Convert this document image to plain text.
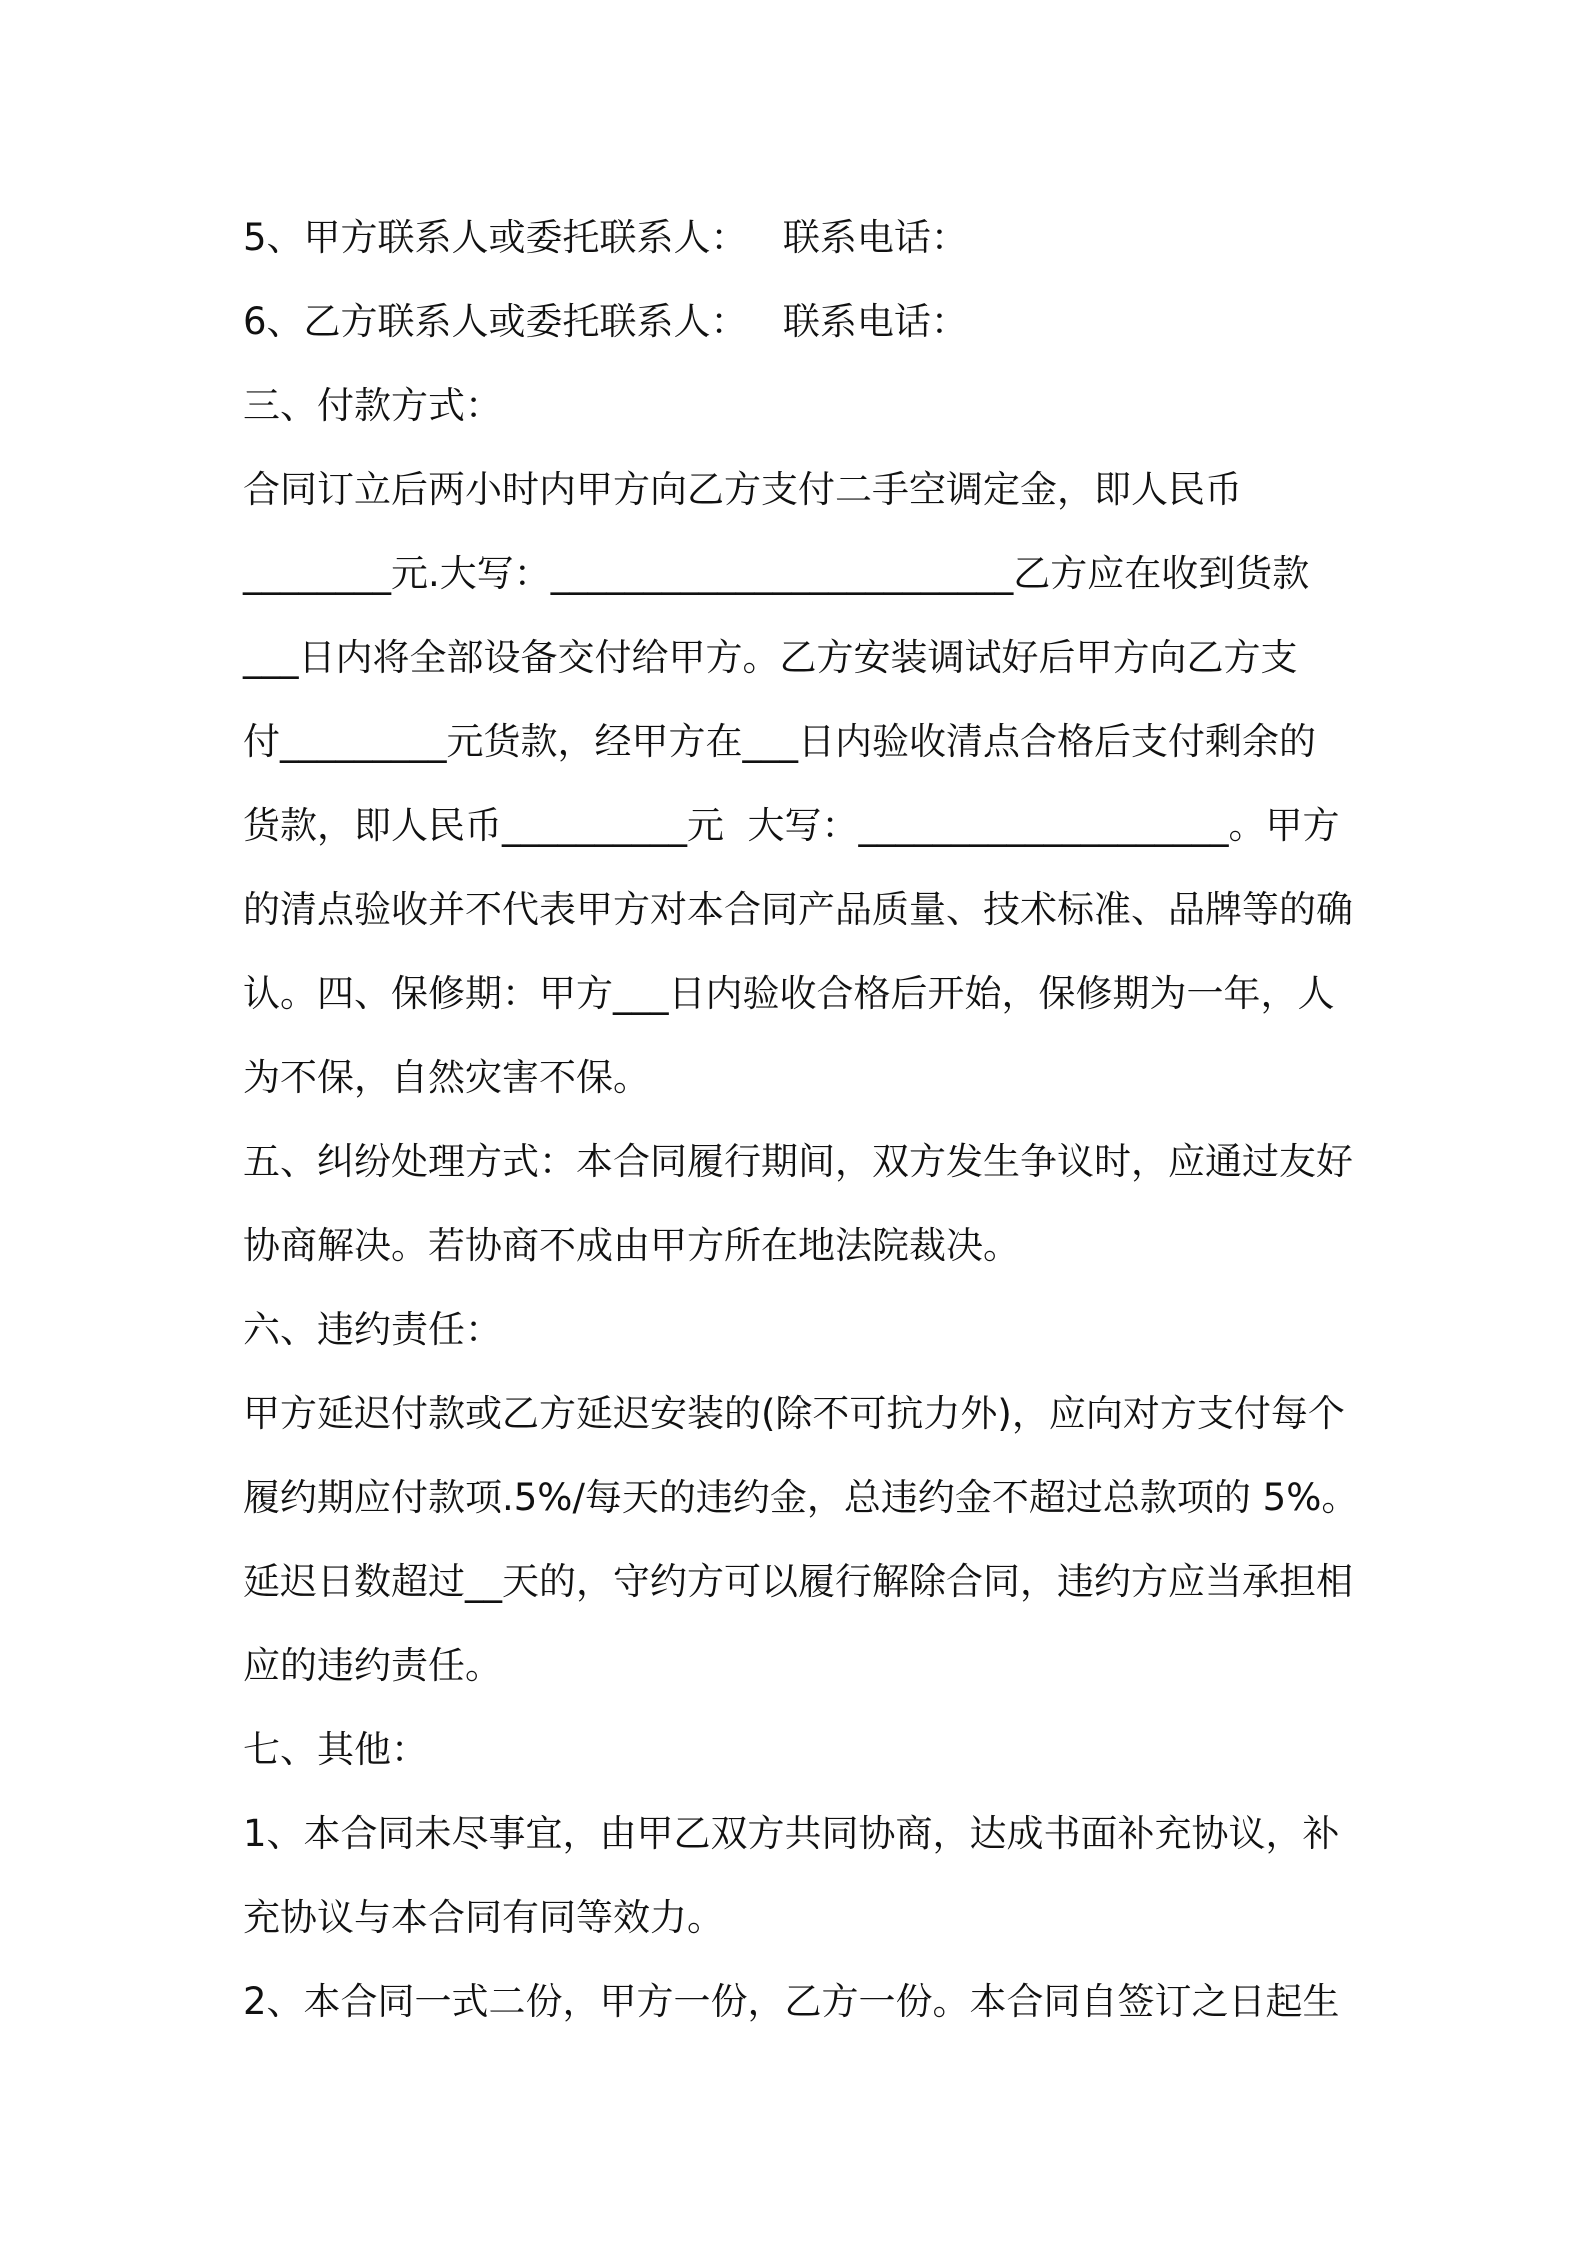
5、甲方联系人或委托联系人：   联系电话：
6、乙方联系人或委托联系人：   联系电话：
三、付款方式：
合同订立后两小时内甲方向乙方支付二手空调定金，即人民币
________元.大写：_________________________乙方应在收到货款
___日内将全部设备交付给甲方。乙方安装调试好后甲方向乙方支
付_________元货款，经甲方在___日内验收清点合格后支付剩余的
货款，即人民币__________元  大写：____________________。甲方
的清点验收并不代表甲方对本合同产品质量、技术标准、品牌等的确
认。四、保修期：甲方___日内验收合格后开始，保修期为一年，人
为不保，自然灾害不保。
五、纠纷处理方式：本合同履行期间，双方发生争议时，应通过友好
协商解决。若协商不成由甲方所在地法院裁决。
六、违约责任：
甲方延迟付款或乙方延迟安装的(除不可抗力外)，应向对方支付每个
履约期应付款项.5%/每天的违约金，总违约金不超过总款项的 5%。
延迟日数超过__天的，守约方可以履行解除合同，违约方应当承担相
应的违约责任。
七、其他：
1、本合同未尽事宜，由甲乙双方共同协商，达成书面补充协议，补
充协议与本合同有同等效力。
2、本合同一式二份，甲方一份，乙方一份。本合同自签订之日起生
